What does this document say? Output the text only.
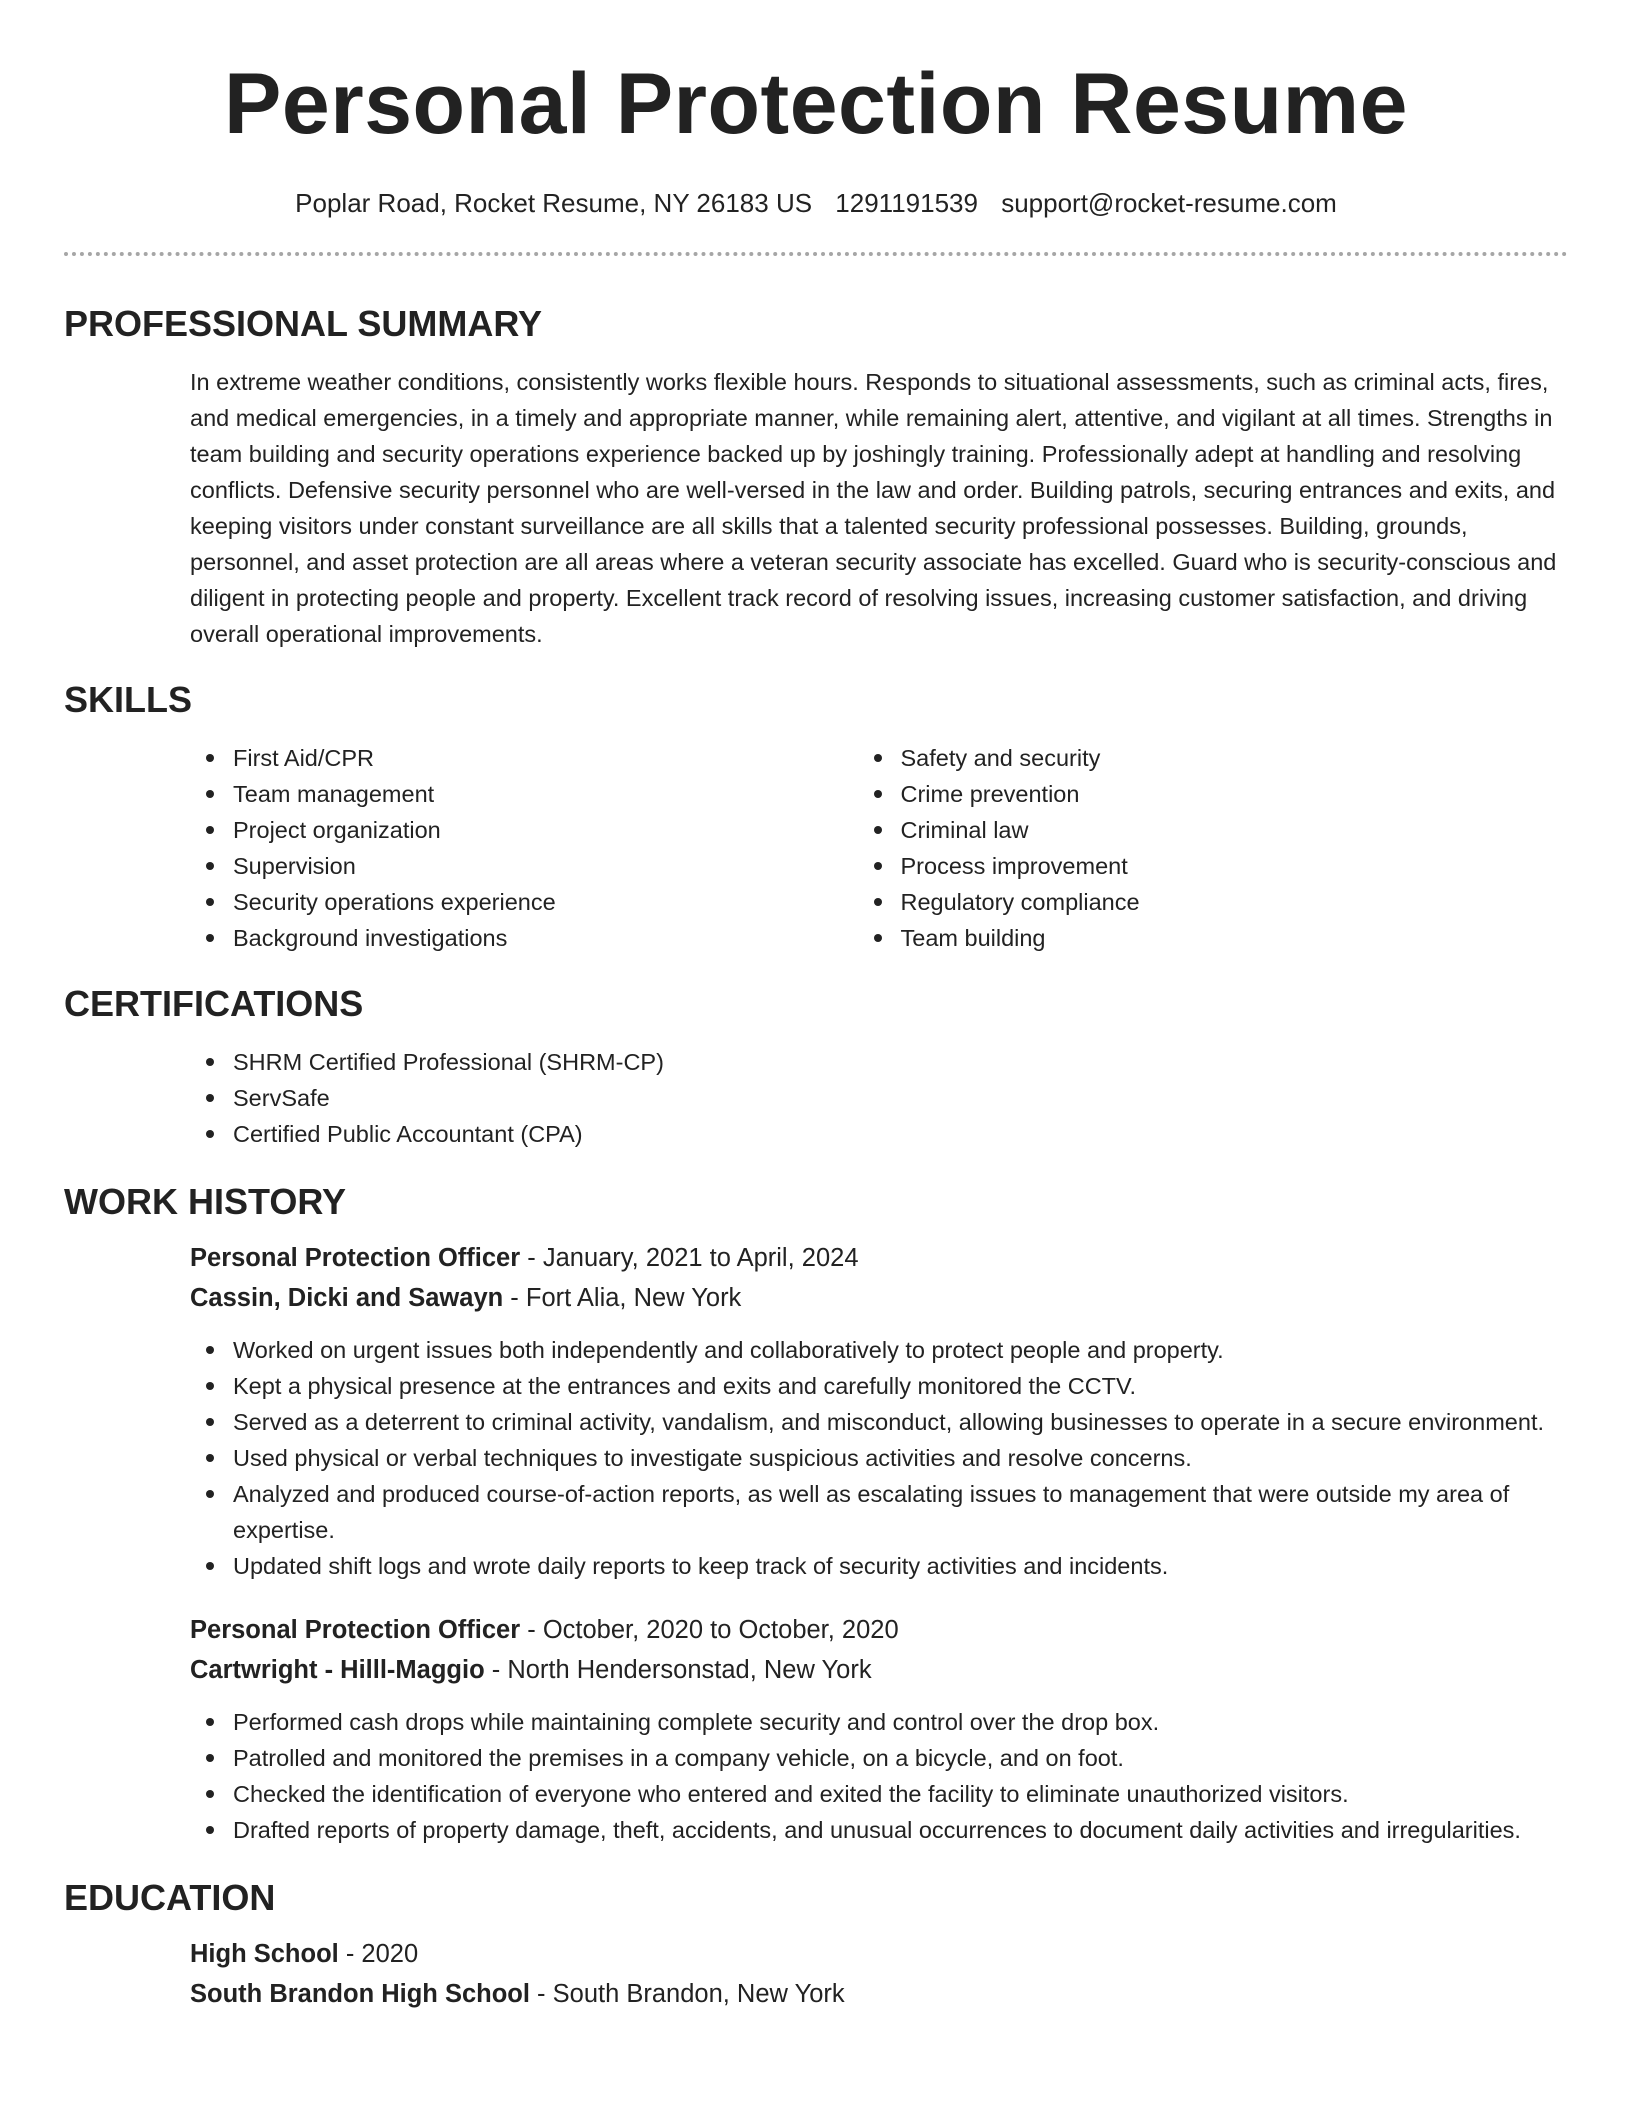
Personal Protection Resume
Poplar Road, Rocket Resume, NY 26183 US 1291191539 support@rocket-resume.com
PROFESSIONAL SUMMARY

In extreme weather conditions, consistently works flexible hours. Responds to situational assessments, such as criminal acts, fires, and medical emergencies, in a timely and appropriate manner, while remaining alert, attentive, and vigilant at all times. Strengths in team building and security operations experience backed up by joshingly training. Professionally adept at handling and resolving conflicts. Defensive security personnel who are well-versed in the law and order. Building patrols, securing entrances and exits, and keeping visitors under constant surveillance are all skills that a talented security professional possesses. Building, grounds, personnel, and asset protection are all areas where a veteran security associate has excelled. Guard who is security-conscious and diligent in protecting people and property. Excellent track record of resolving issues, increasing customer satisfaction, and driving overall operational improvements.

SKILLS
First Aid/CPR
Team management
Project organization
Supervision
Security operations experience
Background investigations
Safety and security
Crime prevention
Criminal law
Process improvement
Regulatory compliance
Team building
CERTIFICATIONS
SHRM Certified Professional (SHRM-CP)
ServSafe
Certified Public Accountant (CPA)
WORK HISTORY
Personal Protection Officer - January, 2021 to April, 2024
Cassin, Dicki and Sawayn - Fort Alia, New York
Worked on urgent issues both independently and collaboratively to protect people and property.
Kept a physical presence at the entrances and exits and carefully monitored the CCTV.
Served as a deterrent to criminal activity, vandalism, and misconduct, allowing businesses to operate in a secure environment.
Used physical or verbal techniques to investigate suspicious activities and resolve concerns.
Analyzed and produced course-of-action reports, as well as escalating issues to management that were outside my area of expertise.
Updated shift logs and wrote daily reports to keep track of security activities and incidents.
Personal Protection Officer - October, 2020 to October, 2020
Cartwright - Hilll-Maggio - North Hendersonstad, New York
Performed cash drops while maintaining complete security and control over the drop box.
Patrolled and monitored the premises in a company vehicle, on a bicycle, and on foot.
Checked the identification of everyone who entered and exited the facility to eliminate unauthorized visitors.
Drafted reports of property damage, theft, accidents, and unusual occurrences to document daily activities and irregularities.
EDUCATION
High School - 2020
South Brandon High School - South Brandon, New York
